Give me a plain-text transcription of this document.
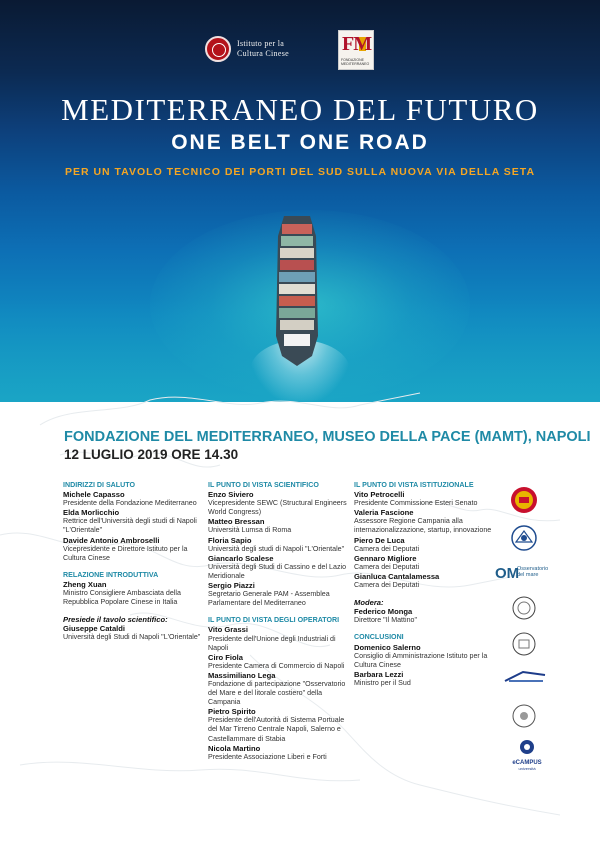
Istituto per la
Cultura Cinese	FM
FONDAZIONE MEDITERRANEO
MEDITERRANEO DEL FUTURO
ONE BELT ONE ROAD
PER UN TAVOLO TECNICO DEI PORTI DEL SUD SULLA NUOVA VIA DELLA SETA
FONDAZIONE DEL MEDITERRANEO, MUSEO DELLA PACE (MAMT), NAPOLI
12 LUGLIO 2019 ORE 14.30
INDIRIZZI DI SALUTO
Michele Capasso
Presidente della Fondazione Mediterraneo
Elda Morlicchio
Rettrice dell'Università degli studi di Napoli "L'Orientale"
Davide Antonio Ambroselli
Vicepresidente e Direttore Istituto per la Cultura Cinese
RELAZIONE INTRODUTTIVA
Zheng Xuan
Ministro Consigliere Ambasciata della Repubblica Popolare Cinese in Italia
Presiede il tavolo scientifico:
Giuseppe Cataldi
Università degli Studi di Napoli "L'Orientale"
IL PUNTO DI VISTA SCIENTIFICO
Enzo Siviero
Vicepresidente SEWC (Structural Engineers World Congress)
Matteo Bressan
Università Lumsa di Roma
Floria Sapio
Università degli studi di Napoli "L'Orientale"
Giancarlo Scalese
Università degli Studi di Cassino e del Lazio Meridionale
Sergio Piazzi
Segretario Generale PAM - Assemblea Parlamentare del Mediterraneo
IL PUNTO DI VISTA DEGLI OPERATORI
Vito Grassi
Presidente dell'Unione degli Industriali di Napoli
Ciro Fiola
Presidente Camera di Commercio di Napoli
Massimiliano Lega
Fondazione di partecipazione "Osservatorio del Mare e del litorale costiero" della Campania
Pietro Spirito
Presidente dell'Autorità di Sistema Portuale del Mar Tirreno Centrale Napoli, Salerno e Castellammare di Stabia
Nicola Martino
Presidente Associazione Liberi e Forti
IL PUNTO DI VISTA ISTITUZIONALE
Vito Petrocelli
Presidente Commissione Esteri Senato
Valeria Fascione
Assessore Regione Campania alla internazionalizzazione, startup, innovazione
Piero De Luca
Camera dei Deputati
Gennaro Migliore
Camera dei Deputati
Gianluca Cantalamessa
Camera dei Deputati
Modera:
Federico Monga
Direttore "Il Mattino"
CONCLUSIONI
Domenico Salerno
Consiglio di Amministrazione Istituto per la Cultura Cinese
Barbara Lezzi
Ministro per il Sud
OM
Osservatorio del mare
eCAMPUS
università
